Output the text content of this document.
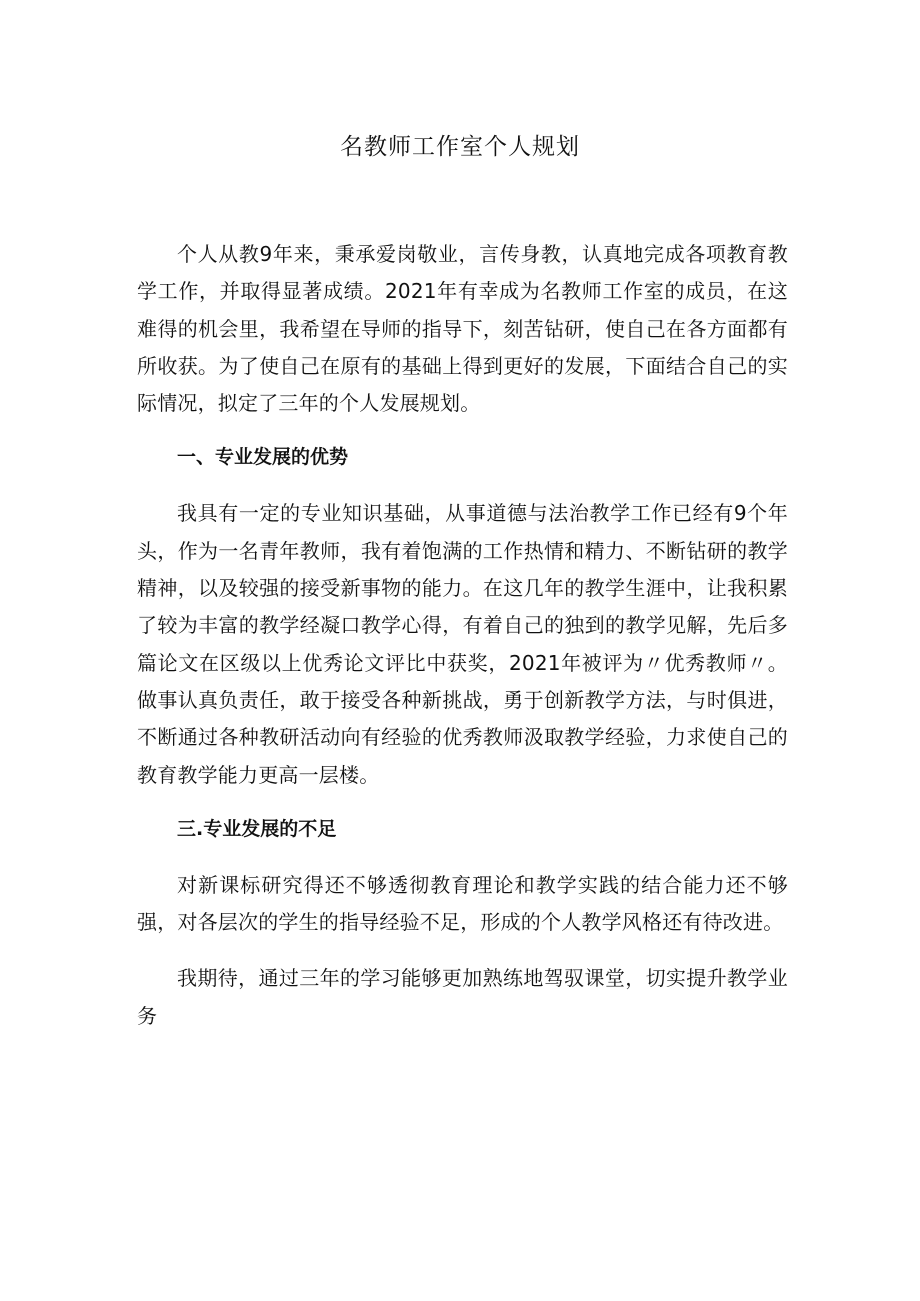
名教师工作室个人规划

个人从教9年来，秉承爱岗敬业，言传身教，认真地完成各项教育教学工作，并取得显著成绩。2021年有幸成为名教师工作室的成员，在这难得的机会里，我希望在导师的指导下，刻苦钻研，使自己在各方面都有所收获。为了使自己在原有的基础上得到更好的发展，下面结合自己的实际情况，拟定了三年的个人发展规划。

一、专业发展的优势

我具有一定的专业知识基础，从事道德与法治教学工作已经有9个年头，作为一名青年教师，我有着饱满的工作热情和精力、不断钻研的教学精神，以及较强的接受新事物的能力。在这几年的教学生涯中，让我积累了较为丰富的教学经凝口教学心得，有着自己的独到的教学见解，先后多篇论文在区级以上优秀论文评比中获奖，2021年被评为〃优秀教师〃。做事认真负责任，敢于接受各种新挑战，勇于创新教学方法，与时俱进，不断通过各种教研活动向有经验的优秀教师汲取教学经验，力求使自己的教育教学能力更高一层楼。

三.专业发展的不足

对新课标研究得还不够透彻教育理论和教学实践的结合能力还不够强，对各层次的学生的指导经验不足，形成的个人教学风格还有待改进。

我期待，通过三年的学习能够更加熟练地驾驭课堂，切实提升教学业务
